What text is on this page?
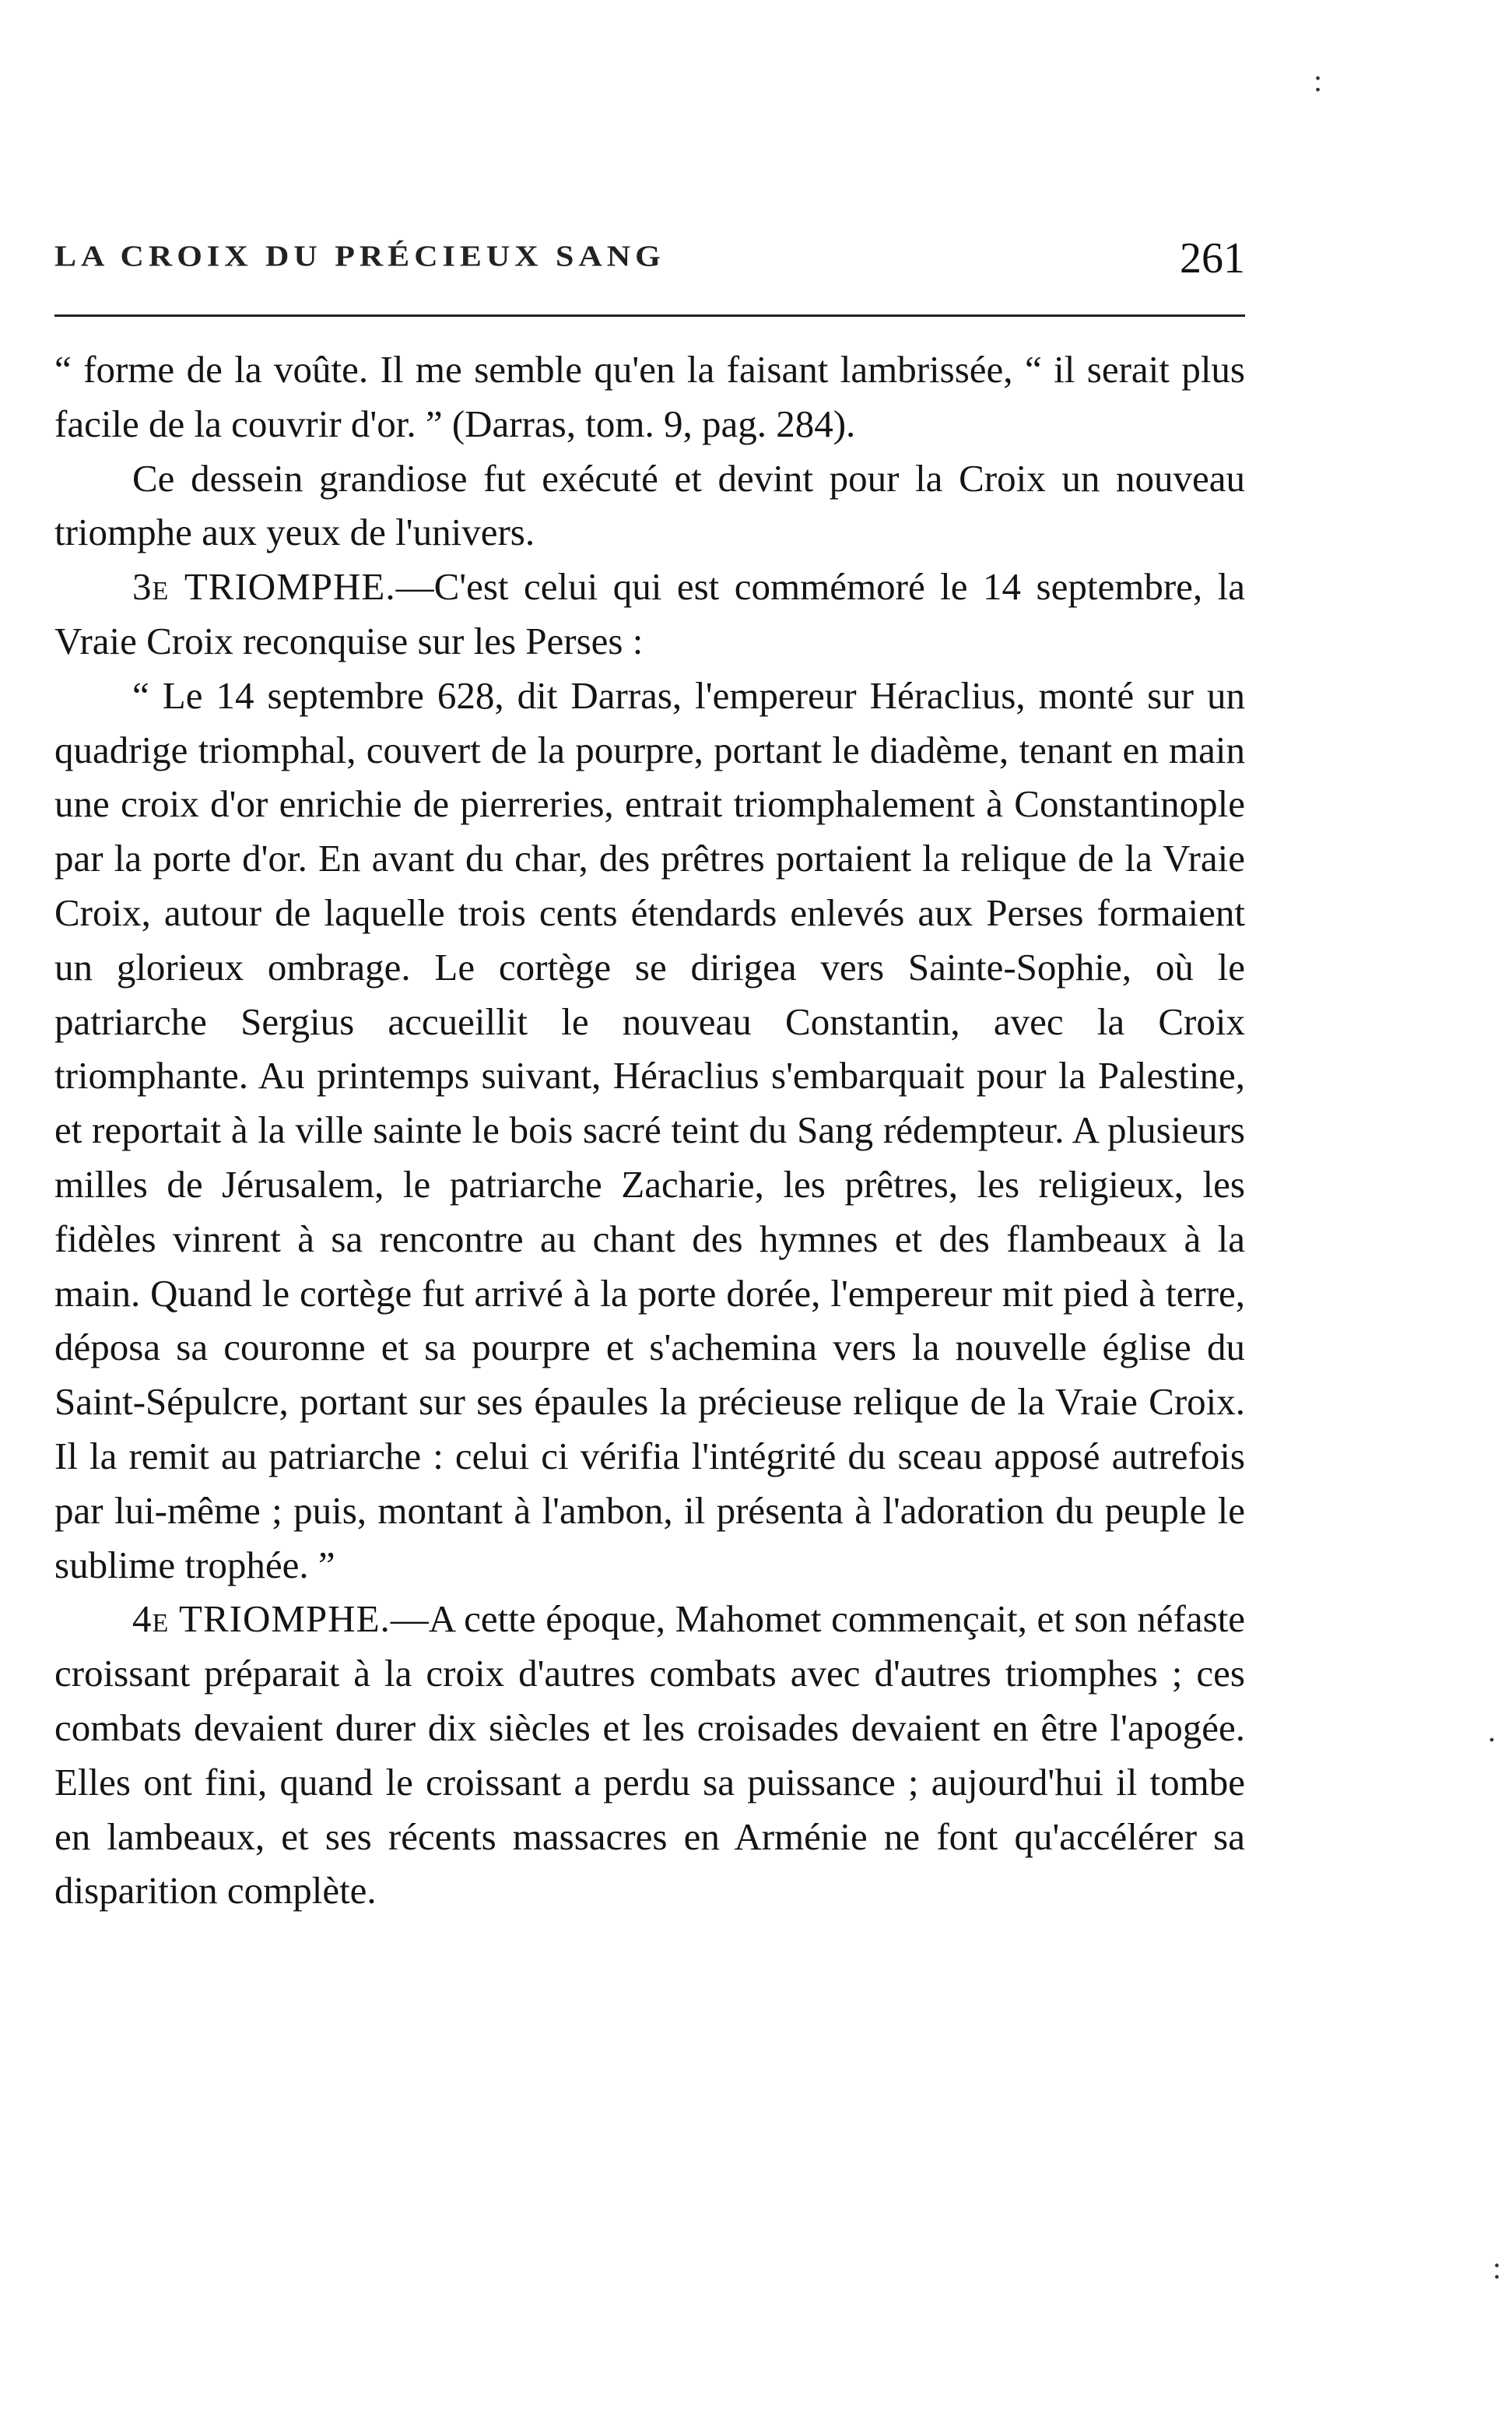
LA CROIX DU PRÉCIEUX SANG	261

“ forme de la voûte. Il me semble qu'en la faisant lambrissée, “ il serait plus facile de la couvrir d'or. ” (Darras, tom. 9, pag. 284).

Ce dessein grandiose fut exécuté et devint pour la Croix un nouveau triomphe aux yeux de l'univers.

3e TRIOMPHE.—C'est celui qui est commémoré le 14 septembre, la Vraie Croix reconquise sur les Perses :

“ Le 14 septembre 628, dit Darras, l'empereur Héraclius, monté sur un quadrige triomphal, couvert de la pourpre, portant le diadème, tenant en main une croix d'or enrichie de pierreries, entrait triomphalement à Constantinople par la porte d'or. En avant du char, des prêtres portaient la relique de la Vraie Croix, autour de laquelle trois cents étendards enlevés aux Perses formaient un glorieux ombrage. Le cortège se dirigea vers Sainte-Sophie, où le patriarche Sergius accueillit le nouveau Constantin, avec la Croix triomphante. Au printemps suivant, Héraclius s'embarquait pour la Palestine, et reportait à la ville sainte le bois sacré teint du Sang rédempteur. A plusieurs milles de Jérusalem, le patriarche Zacharie, les prêtres, les religieux, les fidèles vinrent à sa rencontre au chant des hymnes et des flambeaux à la main. Quand le cortège fut arrivé à la porte dorée, l'empereur mit pied à terre, déposa sa couronne et sa pourpre et s'achemina vers la nouvelle église du Saint-Sépulcre, portant sur ses épaules la précieuse relique de la Vraie Croix. Il la remit au patriarche : celui ci vérifia l'intégrité du sceau apposé autrefois par lui-même ; puis, montant à l'ambon, il présenta à l'adoration du peuple le sublime trophée. ”

4e TRIOMPHE.—A cette époque, Mahomet commençait, et son néfaste croissant préparait à la croix d'autres combats avec d'autres triomphes ; ces combats devaient durer dix siècles et les croisades devaient en être l'apogée. Elles ont fini, quand le croissant a perdu sa puissance ; aujourd'hui il tombe en lambeaux, et ses récents massacres en Arménie ne font qu'accélérer sa disparition complète.

:
.
:
